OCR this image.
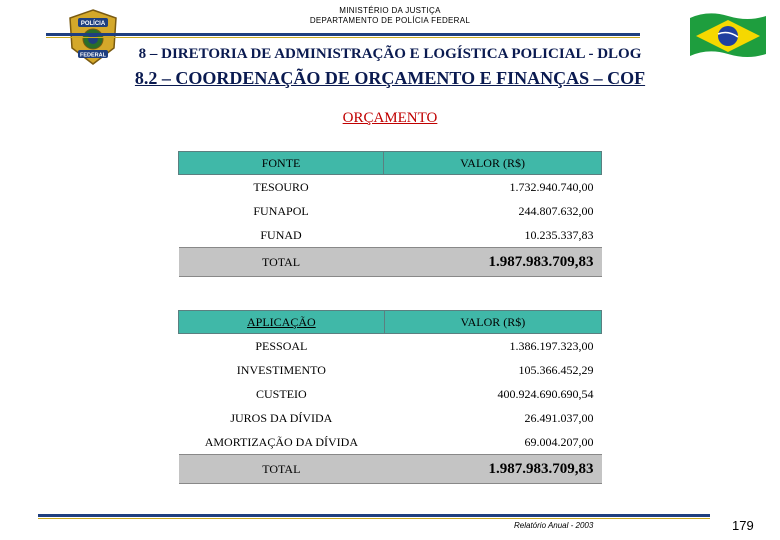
MINISTÉRIO DA JUSTIÇA
DEPARTAMENTO DE POLÍCIA FEDERAL
POLÍCIA
FEDERAL	8 – DIRETORIA DE ADMINISTRAÇÃO E LOGÍSTICA POLICIAL - DLOG
8.2 – COORDENAÇÃO DE ORÇAMENTO E FINANÇAS – COF
ORÇAMENTO
FONTE	VALOR (R$)
TESOURO	1.732.940.740,00
FUNAPOL	244.807.632,00
FUNAD	10.235.337,83
TOTAL	1.987.983.709,83
APLICAÇÃO	VALOR (R$)
PESSOAL	1.386.197.323,00
INVESTIMENTO	105.366.452,29
CUSTEIO	400.924.690.690,54
JUROS DA DÍVIDA	26.491.037,00
AMORTIZAÇÃO DA DÍVIDA	69.004.207,00
TOTAL	1.987.983.709,83
Relatório Anual - 2003	179
